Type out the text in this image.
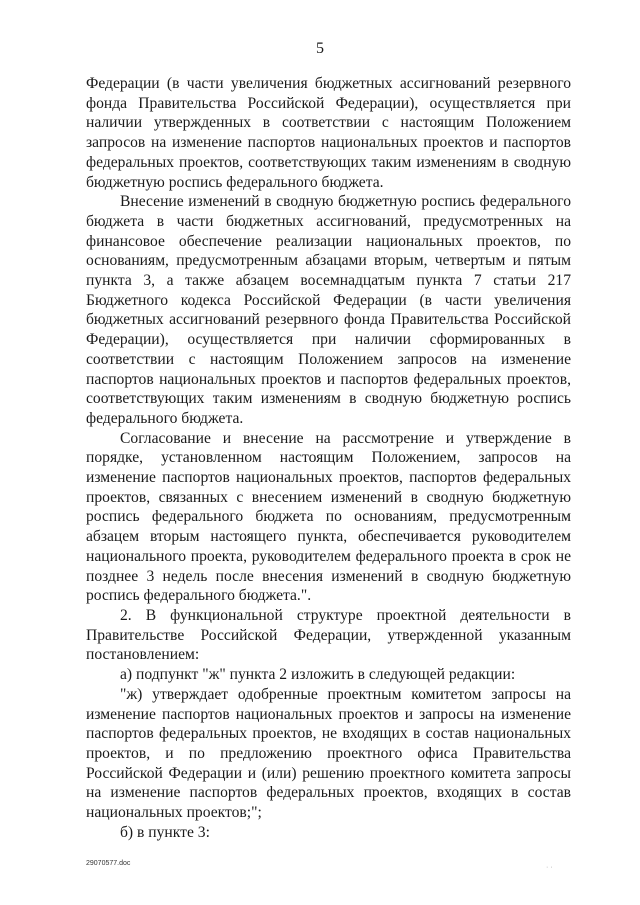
5

Федерации (в части увеличения бюджетных ассигнований резервного фонда Правительства Российской Федерации), осуществляется при наличии утвержденных в соответствии с настоящим Положением запросов на изменение паспортов национальных проектов и паспортов федеральных проектов, соответствующих таким изменениям в сводную бюджетную роспись федерального бюджета.

Внесение изменений в сводную бюджетную роспись федерального бюджета в части бюджетных ассигнований, предусмотренных на финансовое обеспечение реализации национальных проектов, по основаниям, предусмотренным абзацами вторым, четвертым и пятым пункта 3, а также абзацем восемнадцатым пункта 7 статьи 217 Бюджетного кодекса Российской Федерации (в части увеличения бюджетных ассигнований резервного фонда Правительства Российской Федерации), осуществляется при наличии сформированных в соответствии с настоящим Положением запросов на изменение паспортов национальных проектов и паспортов федеральных проектов, соответствующих таким изменениям в сводную бюджетную роспись федерального бюджета.

Согласование и внесение на рассмотрение и утверждение в порядке, установленном настоящим Положением, запросов на изменение паспортов национальных проектов, паспортов федеральных проектов, связанных с внесением изменений в сводную бюджетную роспись федерального бюджета по основаниям, предусмотренным абзацем вторым настоящего пункта, обеспечивается руководителем национального проекта, руководителем федерального проекта в срок не позднее 3 недель после внесения изменений в сводную бюджетную роспись федерального бюджета.".

2. В функциональной структуре проектной деятельности в Правительстве Российской Федерации, утвержденной указанным постановлением:

а) подпункт "ж" пункта 2 изложить в следующей редакции:

"ж) утверждает одобренные проектным комитетом запросы на изменение паспортов национальных проектов и запросы на изменение паспортов федеральных проектов, не входящих в состав национальных проектов, и по предложению проектного офиса Правительства Российской Федерации и (или) решению проектного комитета запросы на изменение паспортов федеральных проектов, входящих в состав национальных проектов;";

б) в пункте 3:

29070577.doc
· ·
